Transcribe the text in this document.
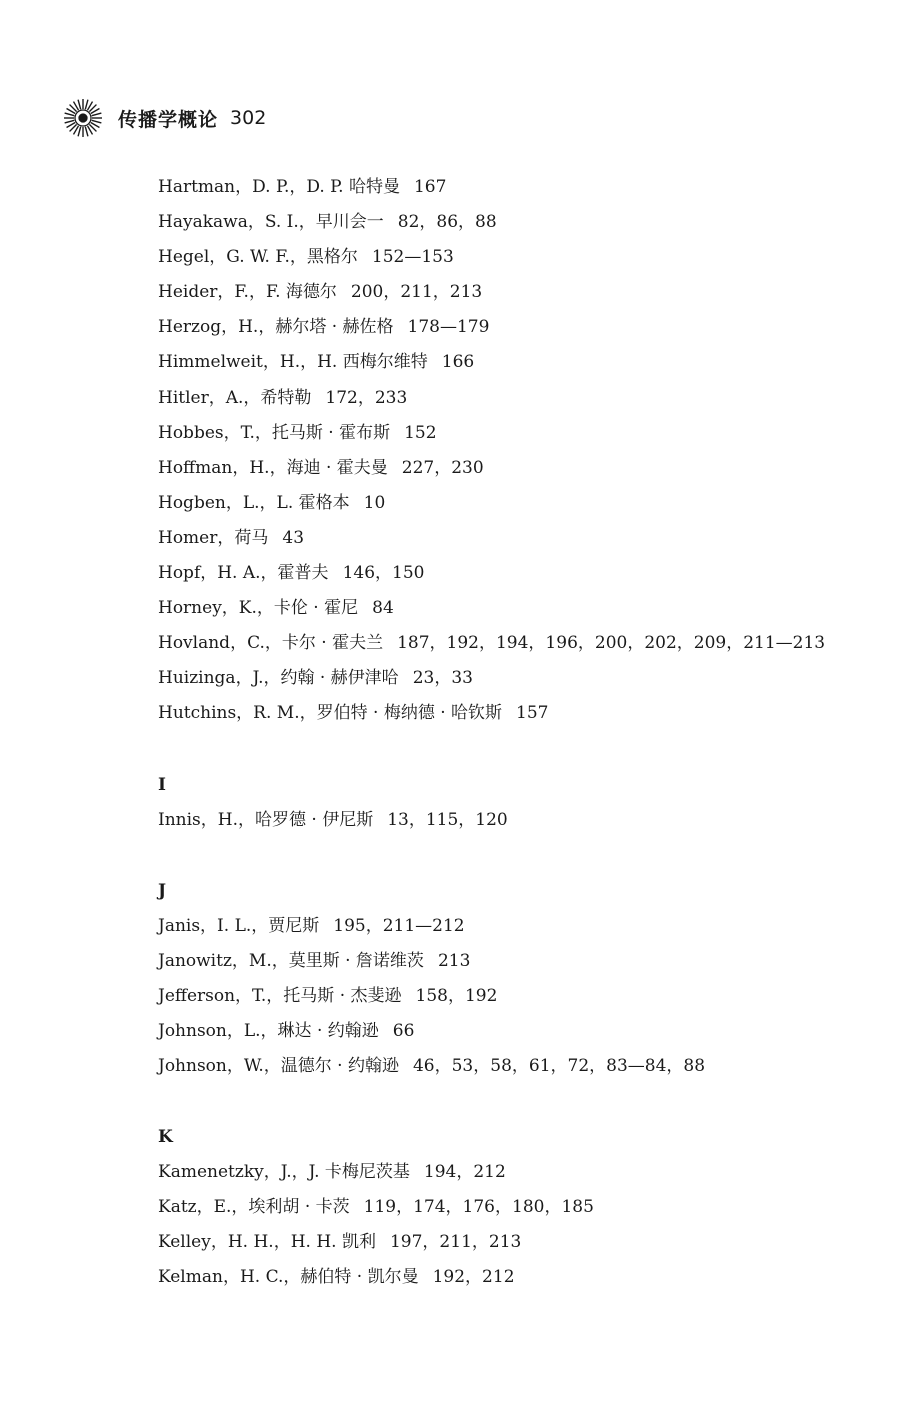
传播学概论 302
Hartman，D. P.，D. P. 哈特曼 167
Hayakawa，S. I.，早川会一 82，86，88
Hegel，G. W. F.，黑格尔 152—153
Heider，F.，F. 海德尔 200，211，213
Herzog，H.，赫尔塔 · 赫佐格 178—179
Himmelweit，H.，H. 西梅尔维特 166
Hitler，A.，希特勒 172，233
Hobbes，T.，托马斯 · 霍布斯 152
Hoffman，H.，海迪 · 霍夫曼 227，230
Hogben，L.，L. 霍格本 10
Homer，荷马 43
Hopf，H. A.，霍普夫 146，150
Horney，K.，卡伦 · 霍尼 84
Hovland，C.，卡尔 · 霍夫兰 187，192，194，196，200，202，209，211—213
Huizinga，J.，约翰 · 赫伊津哈 23，33
Hutchins，R. M.，罗伯特 · 梅纳德 · 哈钦斯 157
I
Innis，H.，哈罗德 · 伊尼斯 13，115，120
J
Janis，I. L.，贾尼斯 195，211—212
Janowitz，M.，莫里斯 · 詹诺维茨 213
Jefferson，T.，托马斯 · 杰斐逊 158，192
Johnson，L.，琳达 · 约翰逊 66
Johnson，W.，温德尔 · 约翰逊 46，53，58，61，72，83—84，88
K
Kamenetzky，J.，J. 卡梅尼茨基 194，212
Katz，E.，埃利胡 · 卡茨 119，174，176，180，185
Kelley，H. H.，H. H. 凯利 197，211，213
Kelman，H. C.，赫伯特 · 凯尔曼 192，212
